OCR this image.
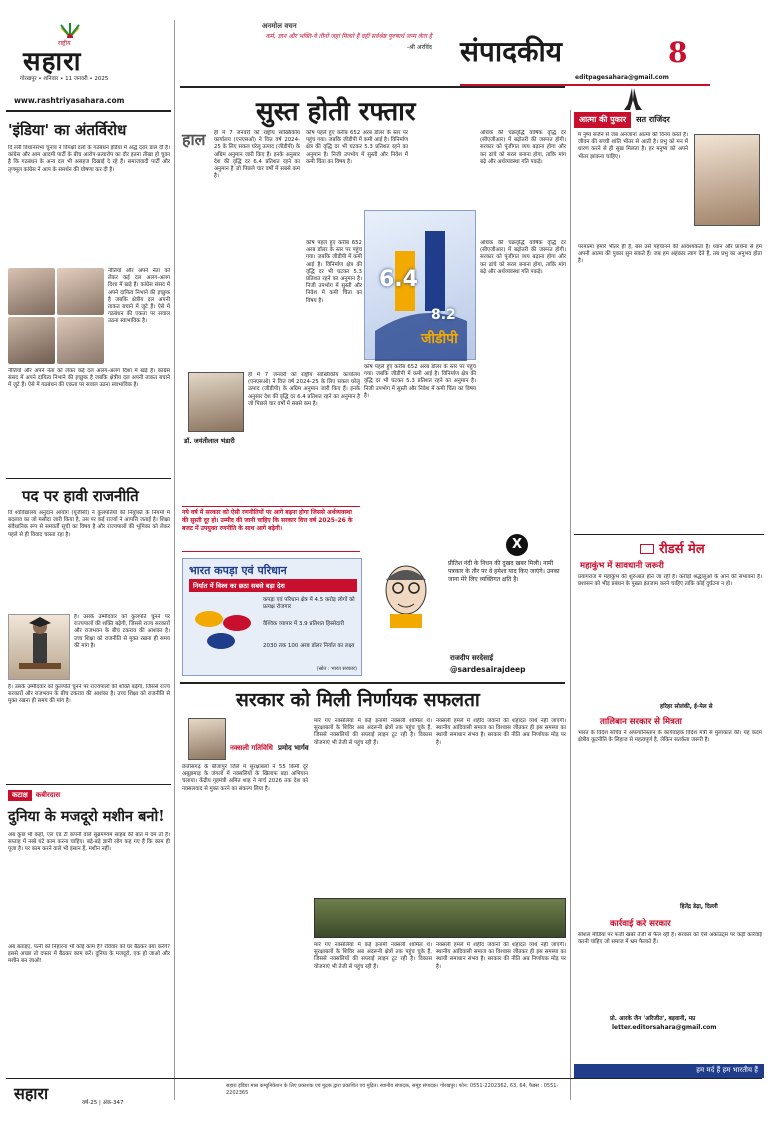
राष्ट्रीय
सहारा
गोरखपुर • शनिवार • 11 जनवरी • 2025
www.rashtriyasahara.com
अनमोल वचन
कर्म, ज्ञान और भक्ति-ये तीनों जहां मिलते हैं वहीं सर्वश्रेष्ठ पुरुषार्थ जन्म लेता है
-श्री अरविंद संपादकीय	8
editpagesahara@gmail.com
'इंडिया' का अंतर्विरोध
दि ल्ली विधानसभा चुनाव ने विपक्षी दलों के गठबंधन इंडिया में अर्द्ध दरार डाल दी है। कांग्रेस और आम आदमी पार्टी के बीच आरोप-प्रत्यारोप का दौर इतना तीखा हो चुका है कि गठबंधन के अन्य दल भी असहज दिखाई दे रहे हैं। समाजवादी पार्टी और तृणमूल कांग्रेस ने आप के समर्थन की घोषणा कर दी है।
नीतियों और अपने नेता को लेकर कई दल अलग-अलग दिशा में खड़े हैं। कांग्रेस संसद में अपने दायित्व निभाने की इच्छुक है जबकि क्षेत्रीय दल अपनी ताकत बचाने में जुटे हैं। ऐसे में गठबंधन की एकता पर सवाल उठना स्वाभाविक है।
नीतियों और अपने नेता को लेकर कई दल अलग-अलग दिशा में खड़े हैं। कांग्रेस संसद में अपने दायित्व निभाने की इच्छुक है जबकि क्षेत्रीय दल अपनी ताकत बचाने में जुटे हैं। ऐसे में गठबंधन की एकता पर सवाल उठना स्वाभाविक है।
पद पर हावी राजनीति
वि श्वविद्यालय अनुदान आयोग (यूजीसी) ने कुलपतियों की नियुक्ति के नियमों में बदलाव का जो मसौदा जारी किया है, उस पर कई राज्यों ने आपत्ति जताई है। शिक्षा संवैधानिक रूप से समवर्ती सूची का विषय है और राज्यपालों की भूमिका को लेकर पहले से ही विवाद चलता रहा है।
है। उसके उम्मीदवार को कुलपति चुनने पर राज्यपालों की शक्ति बढ़ेगी, जिससे राज्य सरकारों और राजभवन के बीच टकराव की आशंका है। उच्च शिक्षा को राजनीति से मुक्त रखना ही समय की मांग है।
है। उसके उम्मीदवार को कुलपति चुनने पर राज्यपालों की शक्ति बढ़ेगी, जिससे राज्य सरकारों और राजभवन के बीच टकराव की आशंका है। उच्च शिक्षा को राजनीति से मुक्त रखना ही समय की मांग है।
कटाक्ष	कबीरदास
दुनिया के मजदूरो मशीन बनो!
अब कुछ भी कहो, एल एंड टी कंपनी वाले सुब्रमण्यम साहब की बात में दम तो है। सप्ताह में नब्बे घंटे काम करना चाहिए। बड़े-बड़े ज्ञानी लोग कह गए हैं कि काम ही पूजा है। पर काम करने वाले भी इंसान हैं, मशीन नहीं।
अब बताइए, पत्नी को निहारना भी कोई काम है? रविवार को घर बैठकर क्या करेंगे? इससे अच्छा तो दफ्तर में बैठकर काम करें। दुनिया के मजदूरो, एक हो जाओ और मशीन बन जाओ!
सुस्त होती रफ्तार
हाल ही में 7 जनवरी को राष्ट्रीय सांख्यिकीय कार्यालय (एनएसओ) ने वित्त वर्ष 2024-25 के लिए सकल घरेलू उत्पाद (जीडीपी) के अग्रिम अनुमान जारी किए हैं। इनके अनुसार देश की वृद्धि दर 6.4 प्रतिशत रहने का अनुमान है जो पिछले चार वर्षों में सबसे कम है।
कोष पहले हुए करीब 652 अरब डॉलर के स्तर पर पहुंच गया। जबकि जीडीपी में कमी आई है। विनिर्माण क्षेत्र की वृद्धि दर भी घटकर 5.3 प्रतिशत रहने का अनुमान है। निजी उपभोग में सुस्ती और निवेश में कमी चिंता का विषय है।
अधिक की चक्रवृद्धि वार्षिक वृद्धि दर (सीएजीआर) में बढ़ोतरी की जरूरत होगी। सरकार को पूंजीगत व्यय बढ़ाना होगा और कर ढांचे को सरल बनाना होगा, ताकि मांग बढ़े और अर्थव्यवस्था गति पकड़े।
6.4
8.2
जीडीपी
कोष पहले हुए करीब 652 अरब डॉलर के स्तर पर पहुंच गया। जबकि जीडीपी में कमी आई है। विनिर्माण क्षेत्र की वृद्धि दर भी घटकर 5.3 प्रतिशत रहने का अनुमान है। निजी उपभोग में सुस्ती और निवेश में कमी चिंता का विषय है।
अधिक की चक्रवृद्धि वार्षिक वृद्धि दर (सीएजीआर) में बढ़ोतरी की जरूरत होगी। सरकार को पूंजीगत व्यय बढ़ाना होगा और कर ढांचे को सरल बनाना होगा, ताकि मांग बढ़े और अर्थव्यवस्था गति पकड़े।
डॉ. जयंतीलाल भंडारी
ही में 7 जनवरी को राष्ट्रीय सांख्यिकीय कार्यालय (एनएसओ) ने वित्त वर्ष 2024-25 के लिए सकल घरेलू उत्पाद (जीडीपी) के अग्रिम अनुमान जारी किए हैं। इनके अनुसार देश की वृद्धि दर 6.4 प्रतिशत रहने का अनुमान है जो पिछले चार वर्षों में सबसे कम है।
कोष पहले हुए करीब 652 अरब डॉलर के स्तर पर पहुंच गया। जबकि जीडीपी में कमी आई है। विनिर्माण क्षेत्र की वृद्धि दर भी घटकर 5.3 प्रतिशत रहने का अनुमान है। निजी उपभोग में सुस्ती और निवेश में कमी चिंता का विषय है।
नये वर्ष में सरकार को ऐसी रणनीतियों पर आगे बढ़ना होगा जिससे अर्थव्यवस्था की सुस्ती दूर हो। उम्मीद की जानी चाहिए कि सरकार वित्त वर्ष 2025-26 के बजट में उपयुक्त रणनीति के साथ आगे बढ़ेगी।
भारत कपड़ा एवं परिधान
निर्यात में विश्व का छठा सबसे बड़ा देश
कपड़ा एवं परिधान क्षेत्र में 4.5 करोड़ लोगों को प्रत्यक्ष रोजगार
वैश्विक व्यापार में 3.9 प्रतिशत हिस्सेदारी
2030 तक 100 अरब डॉलर निर्यात का लक्ष्य
(स्रोत : भारत सरकार)
X
प्रीतिश नंदी के निधन की दुखद खबर मिली। नामी पत्रकार के तौर पर वे हमेशा याद किए जाएंगे। उनका जाना मेरे लिए व्यक्तिगत क्षति है।
राजदीप सरदेसाई
@sardesairajdeep
सरकार को मिली निर्णायक सफलता
नक्सली गतिविधि प्रमोद भार्गव
छत्तीसगढ़ के बीजापुर जिले में सुरक्षाबलों ने 55 किमी दूर अबूझमाड़ के जंगलों में नक्सलियों के खिलाफ बड़ा अभियान चलाया। केंद्रीय गृहमंत्री अमित शाह ने मार्च 2026 तक देश को नक्सलवाद से मुक्त करने का संकल्प लिया है।
मारे गए नक्सलियों में कई इनामी नक्सली शामिल थे। सुरक्षाबलों के शिविर अब अंदरूनी क्षेत्रों तक पहुंच चुके हैं, जिससे नक्सलियों की सप्लाई लाइन टूट रही है। विकास योजनाएं भी तेजी से पहुंच रही हैं।
नक्सली हमले में शहीद जवानों की शहादत व्यर्थ नहीं जाएगी। स्थानीय आदिवासी समाज का विश्वास जीतकर ही इस समस्या का स्थायी समाधान संभव है। सरकार की नीति अब निर्णायक मोड़ पर है।
मारे गए नक्सलियों में कई इनामी नक्सली शामिल थे। सुरक्षाबलों के शिविर अब अंदरूनी क्षेत्रों तक पहुंच चुके हैं, जिससे नक्सलियों की सप्लाई लाइन टूट रही है। विकास योजनाएं भी तेजी से पहुंच रही हैं।
नक्सली हमले में शहीद जवानों की शहादत व्यर्थ नहीं जाएगी। स्थानीय आदिवासी समाज का विश्वास जीतकर ही इस समस्या का स्थायी समाधान संभव है। सरकार की नीति अब निर्णायक मोड़ पर है।
आत्मा की पुकार	सत राजिंदर
म नुष्य सर्जन से जब अनजाना आत्मा की विनय करते हैं। जीवन की सच्ची शांति भीतर से आती है। प्रभु को मन में धारण करने से ही सुख मिलता है। हर मनुष्य को अपने भीतर झांकना चाहिए।
परमात्मा हमारे भीतर ही है, बस उसे पहचानने की आवश्यकता है। ध्यान और प्रार्थना से हम अपनी आत्मा की पुकार सुन सकते हैं। जब हम अहंकार त्याग देते हैं, तब प्रभु का अनुभव होता है।
रीडर्स मेल
महाकुंभ में सावधानी जरूरी
प्रयागराज में महाकुंभ की शुरुआत होने जा रही है। करोड़ों श्रद्धालुओं के आने की संभावना है। प्रशासन को भीड़ प्रबंधन के पुख्ता इंतजाम करने चाहिए ताकि कोई दुर्घटना न हो।
हरिहर सोलंकी, ई-मेल से
तालिबान सरकार से मित्रता
भारत के विदेश सचिव ने अफगानिस्तान के कार्यवाहक विदेश मंत्री से मुलाकात की। यह कदम क्षेत्रीय कूटनीति के लिहाज से महत्वपूर्ण है, लेकिन सतर्कता जरूरी है।
हितेंद्र डेढ़ा, दिल्ली
कार्रवाई करे सरकार
सोशल मीडिया पर फर्जी खबरें तेजी से फैल रही हैं। सरकार को ऐसे अकाउंट्स पर कड़ी कार्रवाई करनी चाहिए जो समाज में भ्रम फैलाते हैं।
प्रो. आरके जैन 'अरिजीत', बड़वानी, मप्र
letter.editorsahara@gmail.com
सहारा	वर्ष-25 | अंक-347
सहारा इंडिया मास कम्युनिकेशन के लिए प्रकाशक एवं मुद्रक द्वारा प्रकाशित एवं मुद्रित। स्थानीय संपादक, समूह संपादक। गोरखपुर। फोन: 0551-2202362, 63, 64, फैक्स : 0551-2202365
हम मर्द हैं हम भारतीय हैं
